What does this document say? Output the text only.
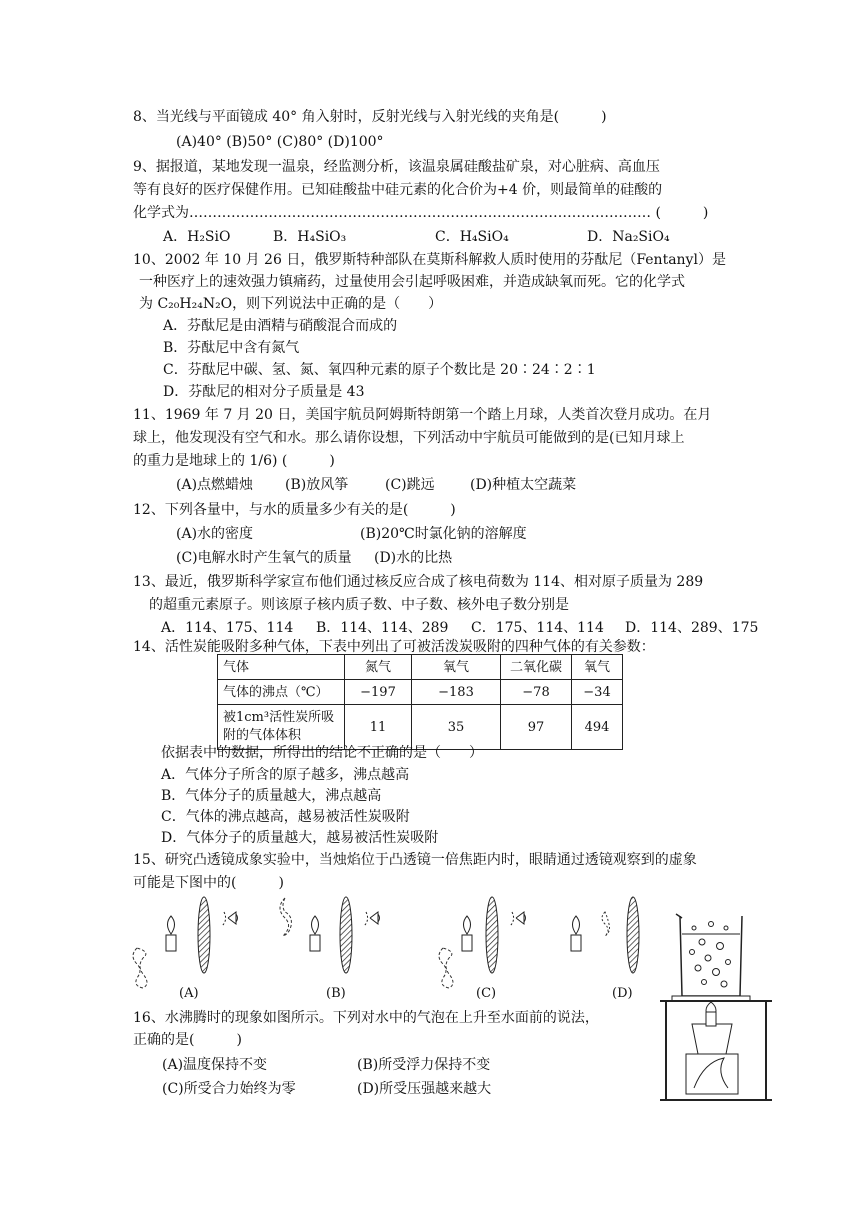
8、当光线与平面镜成 40° 角入射时，反射光线与入射光线的夹角是(　　　)
(A)40° (B)50° (C)80° (D)100°
9、据报道，某地发现一温泉，经监测分析，该温泉属硅酸盐矿泉，对心脏病、高血压
等有良好的医疗保健作用。已知硅酸盐中硅元素的化合价为+4 价，则最简单的硅酸的
化学式为……………………………………………………………………………………… (　　　)
A．H₂SiO	B．H₄SiO₃	C．H₄SiO₄	D．Na₂SiO₄
10、2002 年 10 月 26 日，俄罗斯特种部队在莫斯科解救人质时使用的芬酞尼（Fentanyl）是
一种医疗上的速效强力镇痛药，过量使用会引起呼吸困难，并造成缺氧而死。它的化学式
为 C₂₀H₂₄N₂O，则下列说法中正确的是（　　）
A．芬酞尼是由酒精与硝酸混合而成的
B．芬酞尼中含有氮气
C．芬酞尼中碳、氢、氮、氧四种元素的原子个数比是 20∶24∶2∶1
D．芬酞尼的相对分子质量是 43
11、1969 年 7 月 20 日，美国宇航员阿姆斯特朗第一个踏上月球，人类首次登月成功。在月
球上，他发现没有空气和水。那么请你设想，下列活动中宇航员可能做到的是(已知月球上
的重力是地球上的 1/6) (　　　)
(A)点燃蜡烛 (B)放风筝	(C)跳远	(D)种植太空蔬菜
12、下列各量中，与水的质量多少有关的是(　　　)
(A)水的密度	(B)20℃时氯化钠的溶解度
(C)电解水时产生氧气的质量 (D)水的比热
13、最近，俄罗斯科学家宣布他们通过核反应合成了核电荷数为 114、相对原子质量为 289
的超重元素原子。则该原子核内质子数、中子数、核外电子数分别是
A．114、175、114 B．114、114、289 C．175、114、114 D．114、289、175
14、活性炭能吸附多种气体，下表中列出了可被活泼炭吸附的四种气体的有关参数：
气体	氮气	氧气	二氧化碳	氧气
气体的沸点（℃）	−197	−183	−78	−34
被1cm³活性炭所吸附的气体体积	11	35	97	494
依据表中的数据，所得出的结论不正确的是（　　）
A．气体分子所含的原子越多，沸点越高
B．气体分子的质量越大，沸点越高
C．气体的沸点越高，越易被活性炭吸附
D．气体分子的质量越大，越易被活性炭吸附
15、研究凸透镜成象实验中，当烛焰位于凸透镜一倍焦距内时，眼睛通过透镜观察到的虚象
可能是下图中的(　　　)
(A)	(B)	(C)	(D)
16、水沸腾时的现象如图所示。下列对水中的气泡在上升至水面前的说法，
正确的是(　　　)
(A)温度保持不变	(B)所受浮力保持不变
(C)所受合力始终为零	(D)所受压强越来越大
